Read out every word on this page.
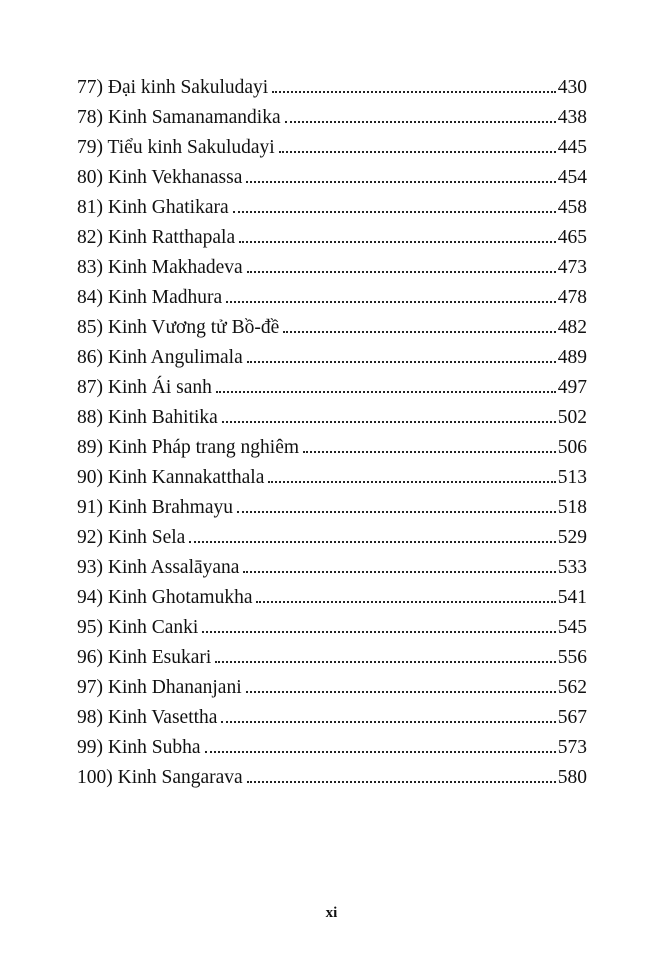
77) Đại kinh Sakuludayi	430
78) Kinh Samanamandika	438
79) Tiểu kinh Sakuludayi	445
80) Kinh Vekhanassa	454
81) Kinh Ghatikara	458
82) Kinh Ratthapala	465
83) Kinh Makhadeva	473
84) Kinh Madhura	478
85) Kinh Vương tử Bồ-đề	482
86) Kinh Angulimala	489
87) Kinh Ái sanh	497
88) Kinh Bahitika	502
89) Kinh Pháp trang nghiêm	506
90) Kinh Kannakatthala	513
91) Kinh Brahmayu	518
92) Kinh Sela	529
93) Kinh Assalāyana	533
94) Kinh Ghotamukha	541
95) Kinh Canki	545
96) Kinh Esukari	556
97) Kinh Dhananjani	562
98) Kinh Vasettha	567
99) Kinh Subha	573
100) Kinh Sangarava	580
xi
